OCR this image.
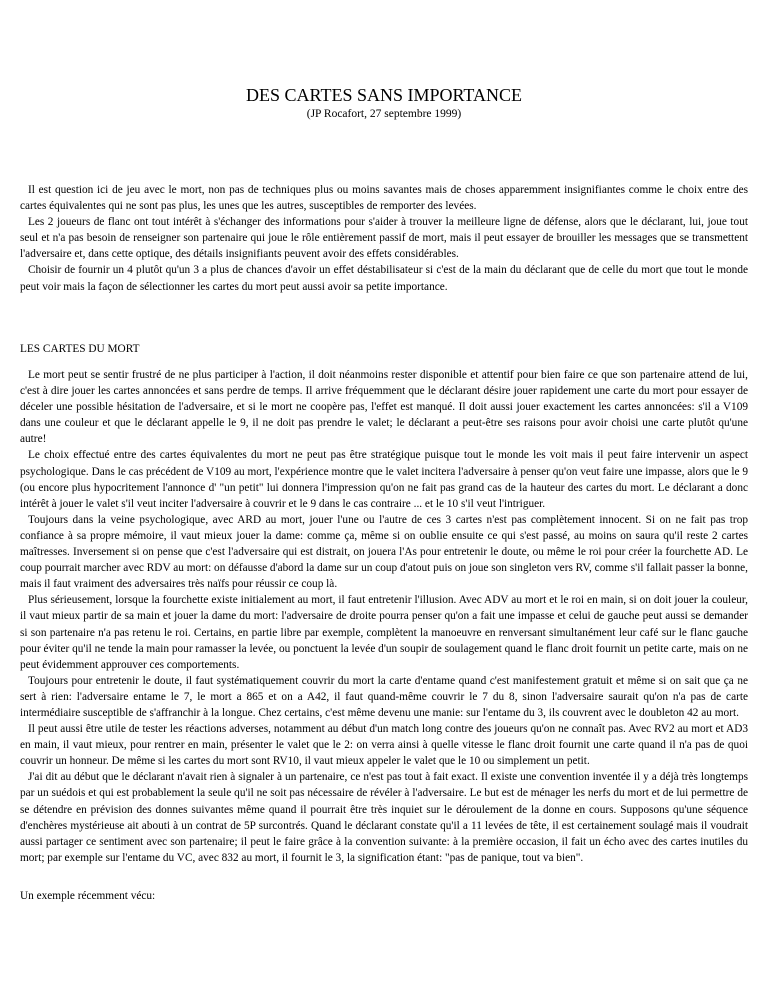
DES CARTES SANS IMPORTANCE

(JP Rocafort, 27 septembre 1999)

Il est question ici de jeu avec le mort, non pas de techniques plus ou moins savantes mais de choses apparemment insignifiantes comme le choix entre des cartes équivalentes qui ne sont pas plus, les unes que les autres, susceptibles de remporter des levées.

Les 2 joueurs de flanc ont tout intérêt à s'échanger des informations pour s'aider à trouver la meilleure ligne de défense, alors que le déclarant, lui, joue tout seul et n'a pas besoin de renseigner son partenaire qui joue le rôle entièrement passif de mort, mais il peut essayer de brouiller les messages que se transmettent l'adversaire et, dans cette optique, des détails insignifiants peuvent avoir des effets considérables.

Choisir de fournir un 4 plutôt qu'un 3 a plus de chances d'avoir un effet déstabilisateur si c'est de la main du déclarant que de celle du mort que tout le monde peut voir mais la façon de sélectionner les cartes du mort peut aussi avoir sa petite importance.

LES CARTES DU MORT

Le mort peut se sentir frustré de ne plus participer à l'action, il doit néanmoins rester disponible et attentif pour bien faire ce que son partenaire attend de lui, c'est à dire jouer les cartes annoncées et sans perdre de temps. Il arrive fréquemment que le déclarant désire jouer rapidement une carte du mort pour essayer de déceler une possible hésitation de l'adversaire, et si le mort ne coopère pas, l'effet est manqué. Il doit aussi jouer exactement les cartes annoncées: s'il a V109 dans une couleur et que le déclarant appelle le 9, il ne doit pas prendre le valet; le déclarant a peut-être ses raisons pour avoir choisi une carte plutôt qu'une autre!

Le choix effectué entre des cartes équivalentes du mort ne peut pas être stratégique puisque tout le monde les voit mais il peut faire intervenir un aspect psychologique. Dans le cas précédent de V109 au mort, l'expérience montre que le valet incitera l'adversaire à penser qu'on veut faire une impasse, alors que le 9 (ou encore plus hypocritement l'annonce d' "un petit" lui donnera l'impression qu'on ne fait pas grand cas de la hauteur des cartes du mort. Le déclarant a donc intérêt à jouer le valet s'il veut inciter l'adversaire à couvrir et le 9 dans le cas contraire ... et le 10 s'il veut l'intriguer.

Toujours dans la veine psychologique, avec ARD au mort, jouer l'une ou l'autre de ces 3 cartes n'est pas complètement innocent. Si on ne fait pas trop confiance à sa propre mémoire, il vaut mieux jouer la dame: comme ça, même si on oublie ensuite ce qui s'est passé, au moins on saura qu'il reste 2 cartes maîtresses. Inversement si on pense que c'est l'adversaire qui est distrait, on jouera l'As pour entretenir le doute, ou même le roi pour créer la fourchette AD. Le coup pourrait marcher avec RDV au mort: on défausse d'abord la dame sur un coup d'atout puis on joue son singleton vers RV, comme s'il fallait passer la bonne, mais il faut vraiment des adversaires très naïfs pour réussir ce coup là.

Plus sérieusement, lorsque la fourchette existe initialement au mort, il faut entretenir l'illusion. Avec ADV au mort et le roi en main, si on doit jouer la couleur, il vaut mieux partir de sa main et jouer la dame du mort: l'adversaire de droite pourra penser qu'on a fait une impasse et celui de gauche peut aussi se demander si son partenaire n'a pas retenu le roi. Certains, en partie libre par exemple, complètent la manoeuvre en renversant simultanément leur café sur le flanc gauche pour éviter qu'il ne tende la main pour ramasser la levée, ou ponctuent la levée d'un soupir de soulagement quand le flanc droit fournit un petite carte, mais on ne peut évidemment approuver ces comportements.

Toujours pour entretenir le doute, il faut systématiquement couvrir du mort la carte d'entame quand c'est manifestement gratuit et même si on sait que ça ne sert à rien: l'adversaire entame le 7, le mort a 865 et on a A42, il faut quand-même couvrir le 7 du 8, sinon l'adversaire saurait qu'on n'a pas de carte intermédiaire susceptible de s'affranchir à la longue. Chez certains, c'est même devenu une manie: sur l'entame du 3, ils couvrent avec le doubleton 42 au mort.

Il peut aussi être utile de tester les réactions adverses, notamment au début d'un match long contre des joueurs qu'on ne connaît pas. Avec RV2 au mort et AD3 en main, il vaut mieux, pour rentrer en main, présenter le valet que le 2: on verra ainsi à quelle vitesse le flanc droit fournit une carte quand il n'a pas de quoi couvrir un honneur. De même si les cartes du mort sont RV10, il vaut mieux appeler le valet que le 10 ou simplement un petit.

J'ai dit au début que le déclarant n'avait rien à signaler à un partenaire, ce n'est pas tout à fait exact. Il existe une convention inventée il y a déjà très longtemps par un suédois et qui est probablement la seule qu'il ne soit pas nécessaire de révéler à l'adversaire. Le but est de ménager les nerfs du mort et de lui permettre de se détendre en prévision des donnes suivantes même quand il pourrait être très inquiet sur le déroulement de la donne en cours. Supposons qu'une séquence d'enchères mystérieuse ait abouti à un contrat de 5P surcontrés. Quand le déclarant constate qu'il a 11 levées de tête, il est certainement soulagé mais il voudrait aussi partager ce sentiment avec son partenaire; il peut le faire grâce à la convention suivante: à la première occasion, il fait un écho avec des cartes inutiles du mort; par exemple sur l'entame du VC, avec 832 au mort, il fournit le 3, la signification étant: "pas de panique, tout va bien".

Un exemple récemment vécu:
